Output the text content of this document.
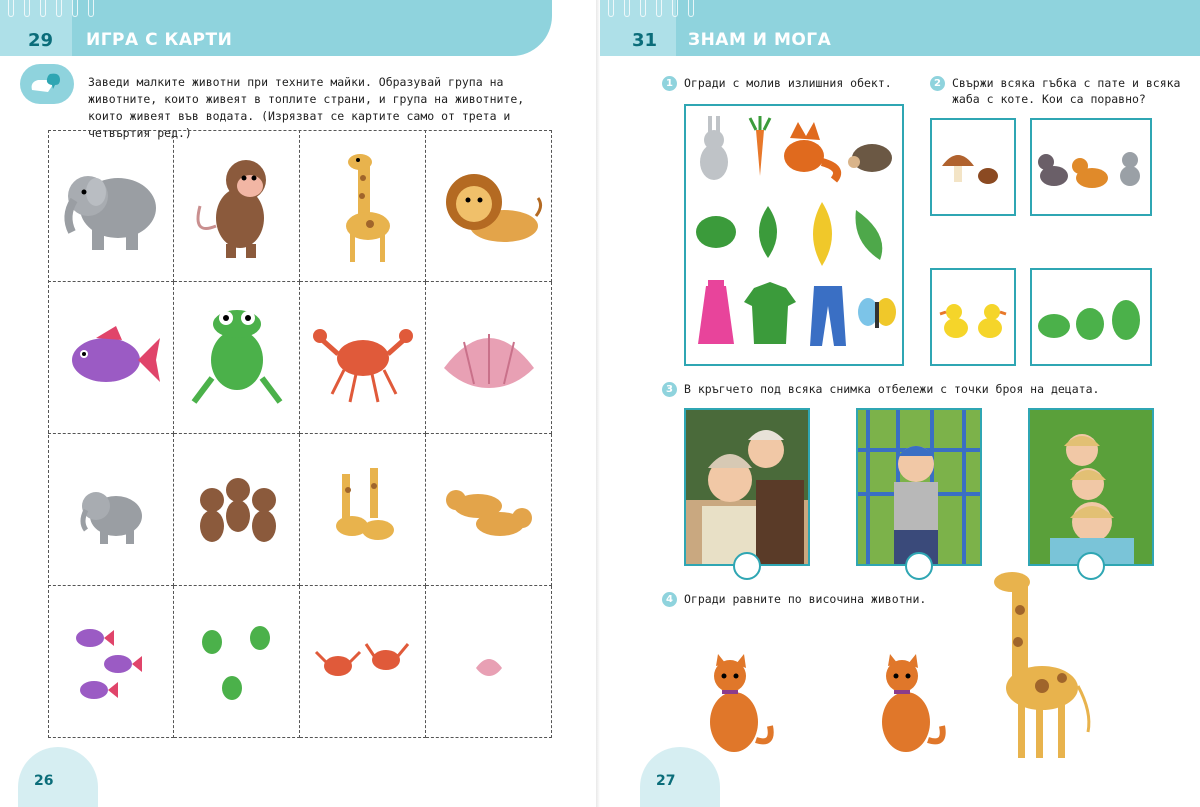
29 ИГРА С КАРТИ
Заведи малките животни при техните майки. Образувай група на животните, които живеят в топлите страни, и група на животните, които живеят във водата. (Изрязват се картите само от трета и четвъртия ред.)
26
31 ЗНАМ И МОГА
1 Огради с молив излишния обект.	2 Свържи всяка гъбка с пате и всяка жаба с коте. Кои са поравно?
3 В кръгчето под всяка снимка отбележи с точки броя на децата.
4 Огради равните по височина животни.
27
